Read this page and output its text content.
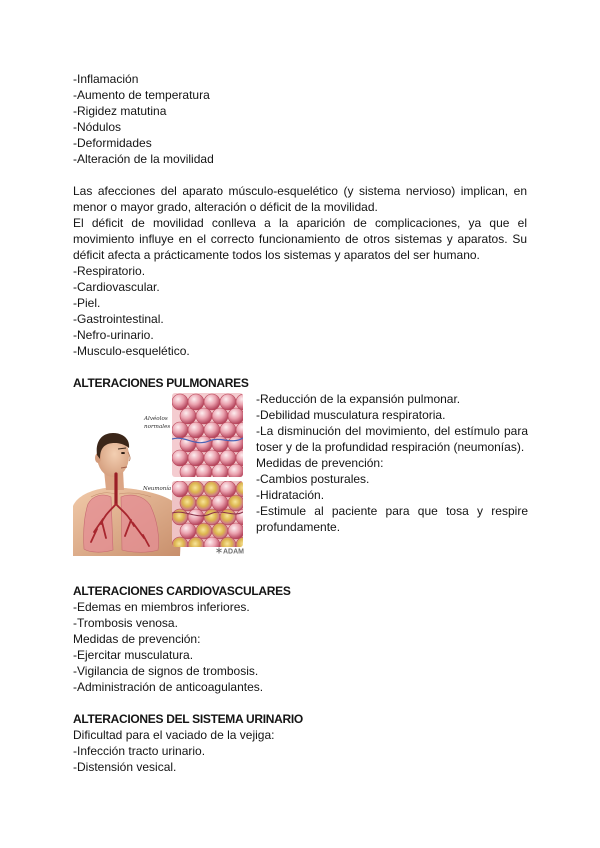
-Inflamación

-Aumento de temperatura

-Rigidez matutina

-Nódulos

-Deformidades

-Alteración de la movilidad

Las afecciones del aparato músculo-esquelético (y sistema nervioso) implican, en menor o mayor grado, alteración o déficit de la movilidad.

El déficit de movilidad conlleva a la aparición de complicaciones, ya que el movimiento influye en el correcto funcionamiento de otros sistemas y aparatos. Su déficit afecta a prácticamente todos los sistemas y aparatos del ser humano.

-Respiratorio.

-Cardiovascular.

-Piel.

-Gastrointestinal.

-Nefro-urinario.

-Musculo-esquelético.

ALTERACIONES PULMONARES
Alvéolos
normales
Neumonía
ADAM

-Reducción de la expansión pulmonar.

-Debilidad musculatura respiratoria.

-La disminución del movimiento, del estímulo para toser y de la profundidad respiración (neumonías).

Medidas de prevención:

-Cambios posturales.

-Hidratación.

-Estimule al paciente para que tosa y respire profundamente.

ALTERACIONES CARDIOVASCULARES

-Edemas en miembros inferiores.

-Trombosis venosa.

Medidas de prevención:

-Ejercitar musculatura.

-Vigilancia de signos de trombosis.

-Administración de anticoagulantes.

ALTERACIONES DEL SISTEMA URINARIO

Dificultad para el vaciado de la vejiga:

-Infección tracto urinario.

-Distensión vesical.
